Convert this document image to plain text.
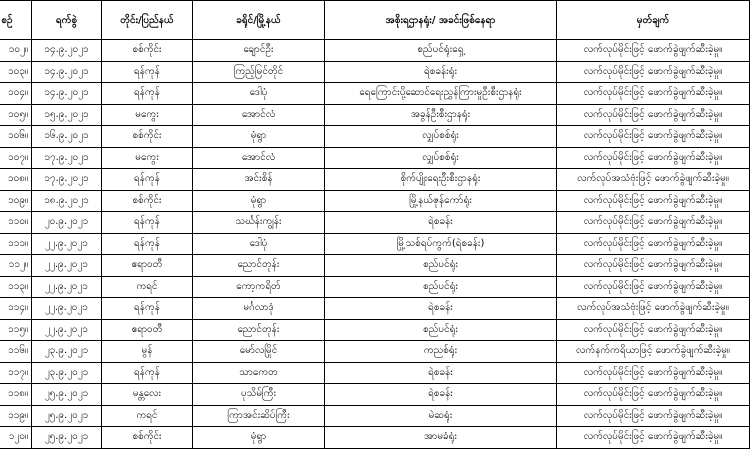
စဉ်	ရက်စွဲ	တိုင်း/ပြည်နယ်	ခရိုင်/မြို့နယ်	အစိုးရဌာနရုံး/ အခင်းဖြစ်နေရာ	မှတ်ချက်
၁၀၂။	၁၄.၉.၂၀၂၁	စစ်ကိုင်း	ချောင်ဦး	စည်ပင်ရုံးရှေ့	လက်လုပ်မိုင်းဖြင့် ဖောက်ခွဲဖျက်ဆီးခဲ့မှု။
၁၀၃။	၁၄.၉.၂၀၂၁	ရန်ကုန်	ကြည့်မြင်တိုင်	ရဲစခန်းရုံး	လက်လုပ်မိုင်းဖြင့် ဖောက်ခွဲဖျက်ဆီးခဲ့မှု။
၁၀၄။	၁၄.၉.၂၀၂၁	ရန်ကုန်	ဒေါပုံ	ရေကြောင်းပို့ဆောင်ရေးညွှန်ကြားမှုဦးစီးဌာနရုံး	လက်လုပ်မိုင်းဖြင့် ဖောက်ခွဲဖျက်ဆီးခဲ့မှု။
၁၀၅။	၁၅.၉.၂၀၂၁	မကွေး	အောင်လံ	အခွန်ဦးစီးဌာနရုံး	လက်လုပ်မိုင်းဖြင့် ဖောက်ခွဲဖျက်ဆီးခဲ့မှု။
၁၀၆။	၁၆.၉.၂၀၂၁	စစ်ကိုင်း	မုံရွာ	လျှပ်စစ်ရုံး	လက်လုပ်မိုင်းဖြင့် ဖောက်ခွဲဖျက်ဆီးခဲ့မှု။
၁၀၇။	၁၇.၉.၂၀၂၁	မကွေး	အောင်လံ	လျှပ်စစ်ရုံး	လက်လုပ်မိုင်းဖြင့် ဖောက်ခွဲဖျက်ဆီးခဲ့မှု။
၁၀၈။	၁၇.၉.၂၀၂၁	ရန်ကုန်	အင်းစိန်	စိုက်ပျိုးရေးဦးစီးဌာနရုံး	လက်လုပ်အသံဗုံးဖြင့် ဖောက်ခွဲဖျက်ဆီးခဲ့မှု။
၁၀၉။	၁၈.၉.၂၀၂၁	စစ်ကိုင်း	မုံရွာ	မြို့နယ်ဇုန်ကော်ရုံး	လက်လုပ်မိုင်းဖြင့် ဖောက်ခွဲဖျက်ဆီးခဲ့မှု။
၁၁၀။	၂၀.၉.၂၀၂၁	ရန်ကုန်	သင်္ဃန်းကျွန်း	ရဲစခန်း	လက်လုပ်မိုင်းဖြင့် ဖောက်ခွဲဖျက်ဆီးခဲ့မှု။
၁၁၁။	၂၂.၉.၂၀၂၁	ရန်ကုန်	ဒေါပုံ	မြို့သစ်ရပ်ကွက်(ရဲစခန်း)	လက်လုပ်မိုင်းဖြင့် ဖောက်ခွဲဖျက်ဆီးခဲ့မှု။
၁၁၂။	၂၂.၉.၂၀၂၁	ဧရာဝတီ	ညောင်တုန်း	စည်ပင်ရုံး	လက်လုပ်မိုင်းဖြင့် ဖောက်ခွဲဖျက်ဆီးခဲ့မှု။
၁၁၃။	၂၂.၉.၂၀၂၁	ကရင်	ကော့ကရိတ်	စည်ပင်ရုံး	လက်လုပ်မိုင်းဖြင့် ဖောက်ခွဲဖျက်ဆီးခဲ့မှု။
၁၁၄။	၂၂.၉.၂၀၂၁	ရန်ကုန်	မင်္ဂလာဒုံ	ရဲစခန်း	လက်လုပ်အသံဗုံးဖြင့် ဖောက်ခွဲဖျက်ဆီးခဲ့မှု။
၁၁၅။	၂၂.၉.၂၀၂၁	ဧရာဝတီ	ညောင်တုန်း	စည်ပင်ရုံး	လက်လုပ်မိုင်းဖြင့် ဖောက်ခွဲဖျက်ဆီးခဲ့မှု။
၁၁၆။	၂၃.၉.၂၀၂၁	မွန်	မော်လမြိုင်	ကညစ်ရုံး	လက်နက်ကရိယာဖြင့် ဖောက်ခွဲဖျက်ဆီးခဲ့မှု။
၁၁၇။	၂၃.၉.၂၀၂၁	ရန်ကုန်	သာကေတ	ရဲစခန်း	လက်လုပ်မိုင်းဖြင့် ဖောက်ခွဲဖျက်ဆီးခဲ့မှု။
၁၁၈။	၂၅.၉.၂၀၂၁	မန္တလေး	ပုသိမ်ကြီး	ရဲစခန်း	လက်လုပ်မိုင်းဖြင့် ဖောက်ခွဲဖျက်ဆီးခဲ့မှု။
၁၁၉။	၂၅.၉.၂၀၂၁	ကရင်	ကြာအင်းဆိပ်ကြီး	မဲဆရုံး	လက်လုပ်မိုင်းဖြင့် ဖောက်ခွဲဖျက်ဆီးခဲ့မှု။
၁၂၀။	၂၅.၉.၂၀၂၁	စစ်ကိုင်း	မုံရွာ	အာမခံရုံး	လက်လုပ်မိုင်းဖြင့် ဖောက်ခွဲဖျက်ဆီးခဲ့မှု။
